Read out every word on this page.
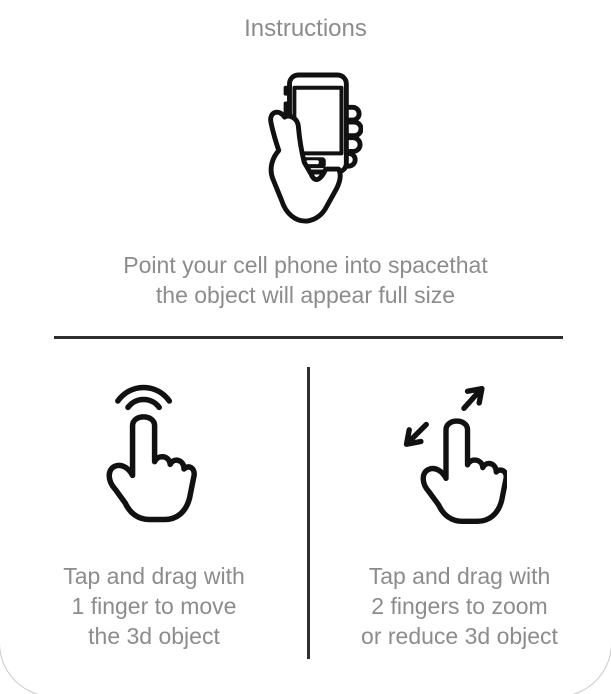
Instructions
Point your cell phone into spacethat
the object will appear full size
Tap and drag with
1 finger to move
the 3d object
Tap and drag with
2 fingers to zoom
or reduce 3d object
